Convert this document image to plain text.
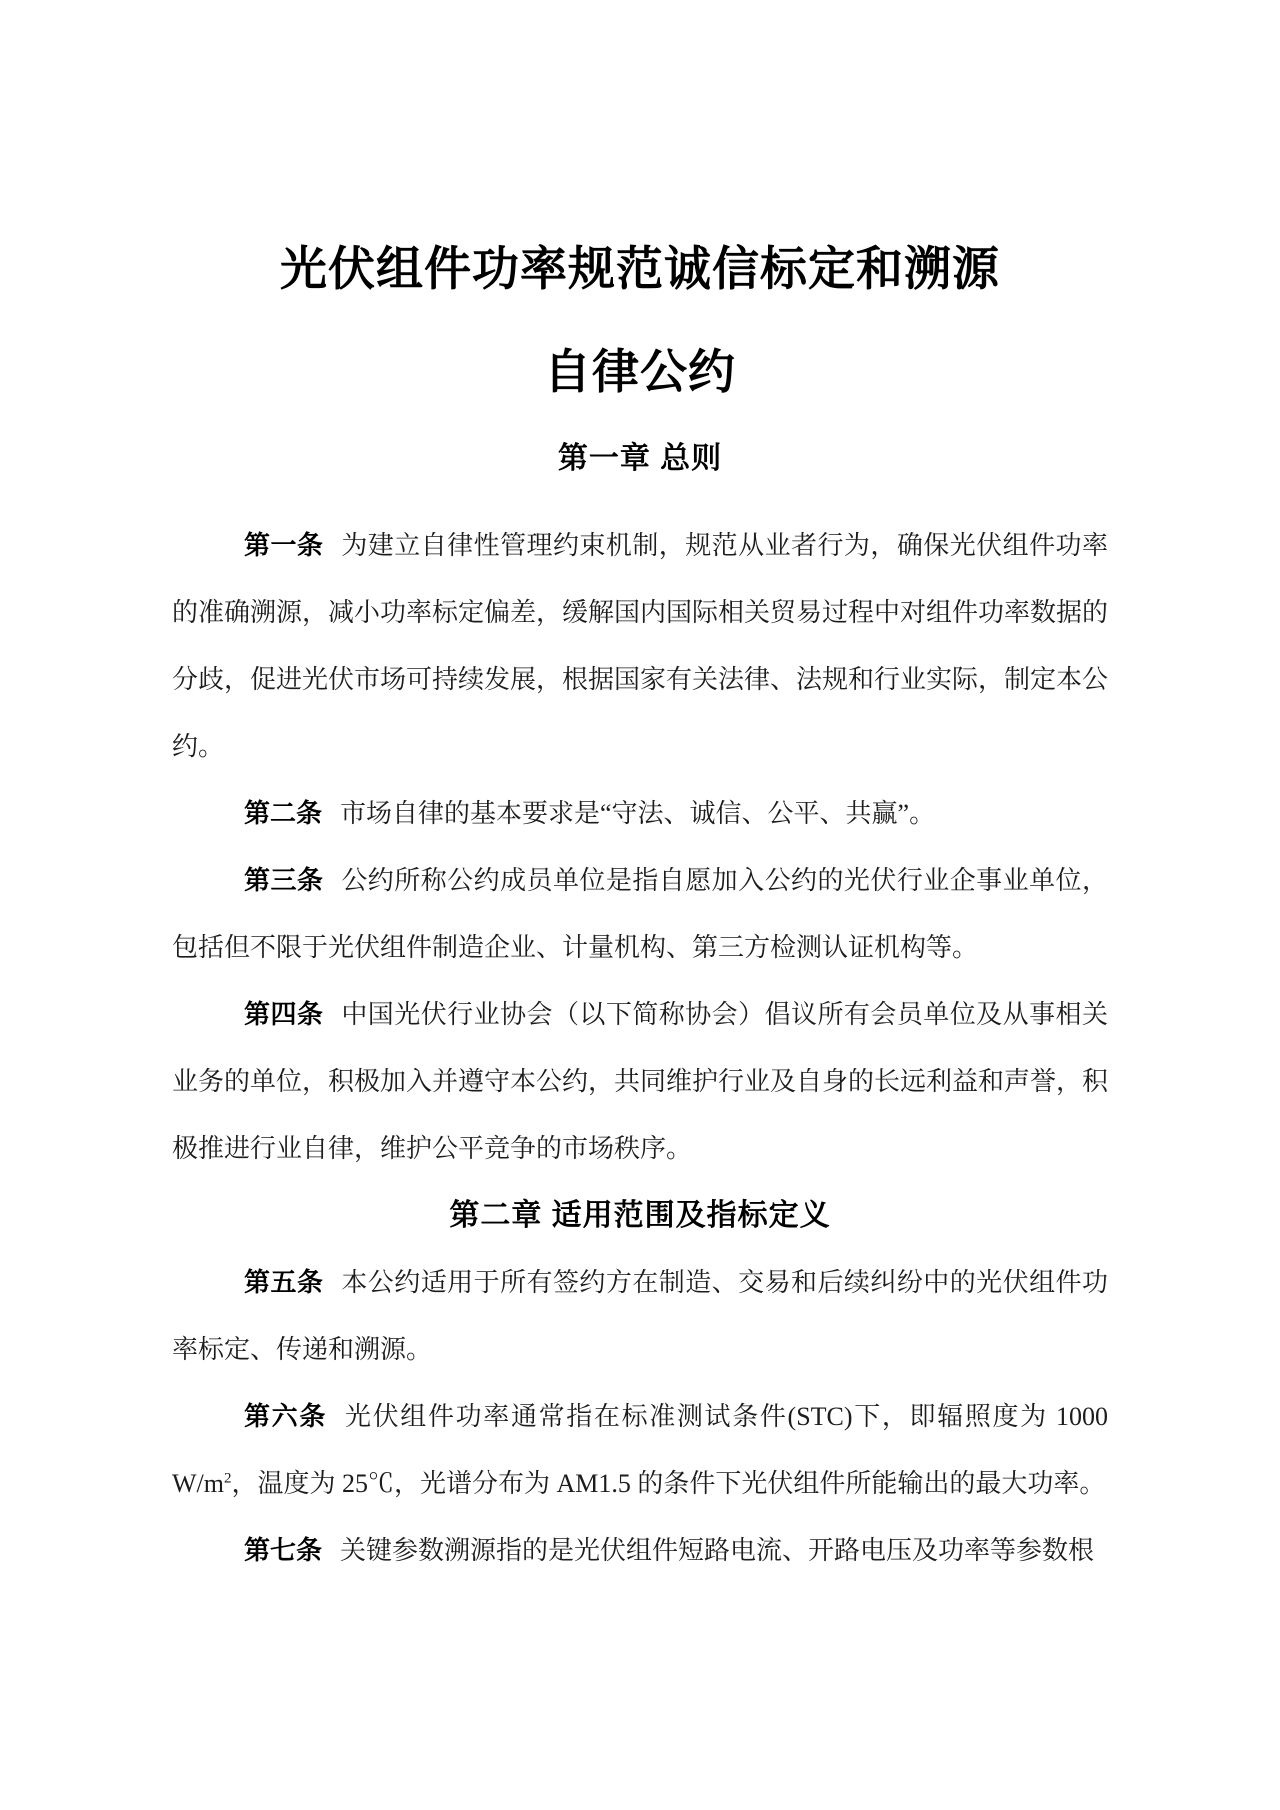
光伏组件功率规范诚信标定和溯源
自律公约
第一章 总则

第一条 为建立自律性管理约束机制，规范从业者行为，确保光伏组件功率的准确溯源，减小功率标定偏差，缓解国内国际相关贸易过程中对组件功率数据的分歧，促进光伏市场可持续发展，根据国家有关法律、法规和行业实际，制定本公约。

第二条 市场自律的基本要求是“守法、诚信、公平、共赢”。

第三条 公约所称公约成员单位是指自愿加入公约的光伏行业企事业单位，包括但不限于光伏组件制造企业、计量机构、第三方检测认证机构等。

第四条 中国光伏行业协会（以下简称协会）倡议所有会员单位及从事相关业务的单位，积极加入并遵守本公约，共同维护行业及自身的长远利益和声誉，积极推进行业自律，维护公平竞争的市场秩序。

第二章 适用范围及指标定义

第五条 本公约适用于所有签约方在制造、交易和后续纠纷中的光伏组件功率标定、传递和溯源。

第六条 光伏组件功率通常指在标准测试条件(STC)下，即辐照度为 1000 $W/m^2$，温度为 25℃，光谱分布为 AM1.5 的条件下光伏组件所能输出的最大功率。

第七条 关键参数溯源指的是光伏组件短路电流、开路电压及功率等参数根
